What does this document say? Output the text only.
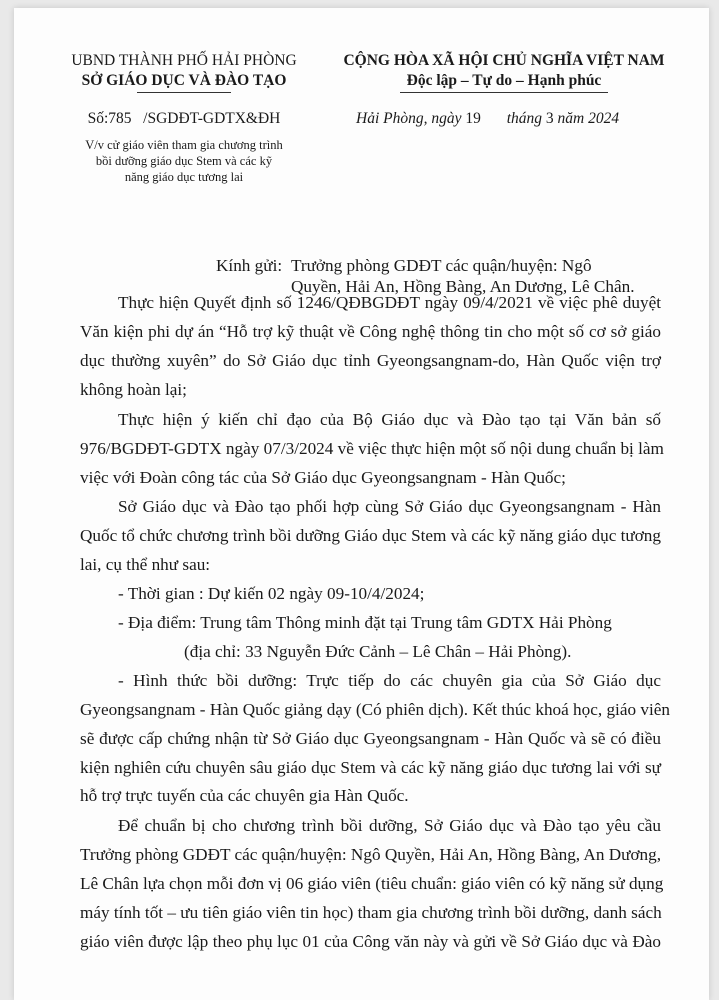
UBND THÀNH PHỐ HẢI PHÒNG
SỞ GIÁO DỤC VÀ ĐÀO TẠO
CỘNG HÒA XÃ HỘI CHỦ NGHĨA VIỆT NAM
Độc lập – Tự do – Hạnh phúc
Số:785   /SGDĐT-GDTX&ĐH	Hải Phòng, ngày 19 tháng 3 năm 2024
V/v cử giáo viên tham gia chương trình
bồi dưỡng giáo dục Stem và các kỹ
năng giáo dục tương lai
Kính gửi: Trưởng phòng GDĐT các quận/huyện: Ngô
Quyền, Hải An, Hồng Bàng, An Dương, Lê Chân.
Thực hiện Quyết định số 1246/QĐBGDĐT ngày 09/4/2021 về việc phê duyệt
Văn kiện phi dự án “Hỗ trợ kỹ thuật về Công nghệ thông tin cho một số cơ sở giáo
dục thường xuyên” do Sở Giáo dục tỉnh Gyeongsangnam-do, Hàn Quốc viện trợ
không hoàn lại;
Thực hiện ý kiến chỉ đạo của Bộ Giáo dục và Đào tạo tại Văn bản số
976/BGDĐT-GDTX ngày 07/3/2024 về việc thực hiện một số nội dung chuẩn bị làm
việc với Đoàn công tác của Sở Giáo dục Gyeongsangnam - Hàn Quốc;
Sở Giáo dục và Đào tạo phối hợp cùng Sở Giáo dục Gyeongsangnam - Hàn
Quốc tổ chức chương trình bồi dưỡng Giáo dục Stem và các kỹ năng giáo dục tương
lai, cụ thể như sau:
- Thời gian : Dự kiến 02 ngày 09-10/4/2024;
- Địa điểm: Trung tâm Thông minh đặt tại Trung tâm GDTX Hải Phòng
(địa chỉ: 33 Nguyễn Đức Cảnh – Lê Chân – Hải Phòng).
- Hình thức bồi dưỡng: Trực tiếp do các chuyên gia của Sở Giáo dục
Gyeongsangnam - Hàn Quốc giảng dạy (Có phiên dịch). Kết thúc khoá học, giáo viên
sẽ được cấp chứng nhận từ Sở Giáo dục Gyeongsangnam - Hàn Quốc và sẽ có điều
kiện nghiên cứu chuyên sâu giáo dục Stem và các kỹ năng giáo dục tương lai với sự
hỗ trợ trực tuyến của các chuyên gia Hàn Quốc.
Để chuẩn bị cho chương trình bồi dưỡng, Sở Giáo dục và Đào tạo yêu cầu
Trưởng phòng GDĐT các quận/huyện: Ngô Quyền, Hải An, Hồng Bàng, An Dương,
Lê Chân lựa chọn mỗi đơn vị 06 giáo viên (tiêu chuẩn: giáo viên có kỹ năng sử dụng
máy tính tốt – ưu tiên giáo viên tin học) tham gia chương trình bồi dưỡng, danh sách
giáo viên được lập theo phụ lục 01 của Công văn này và gửi về Sở Giáo dục và Đào
